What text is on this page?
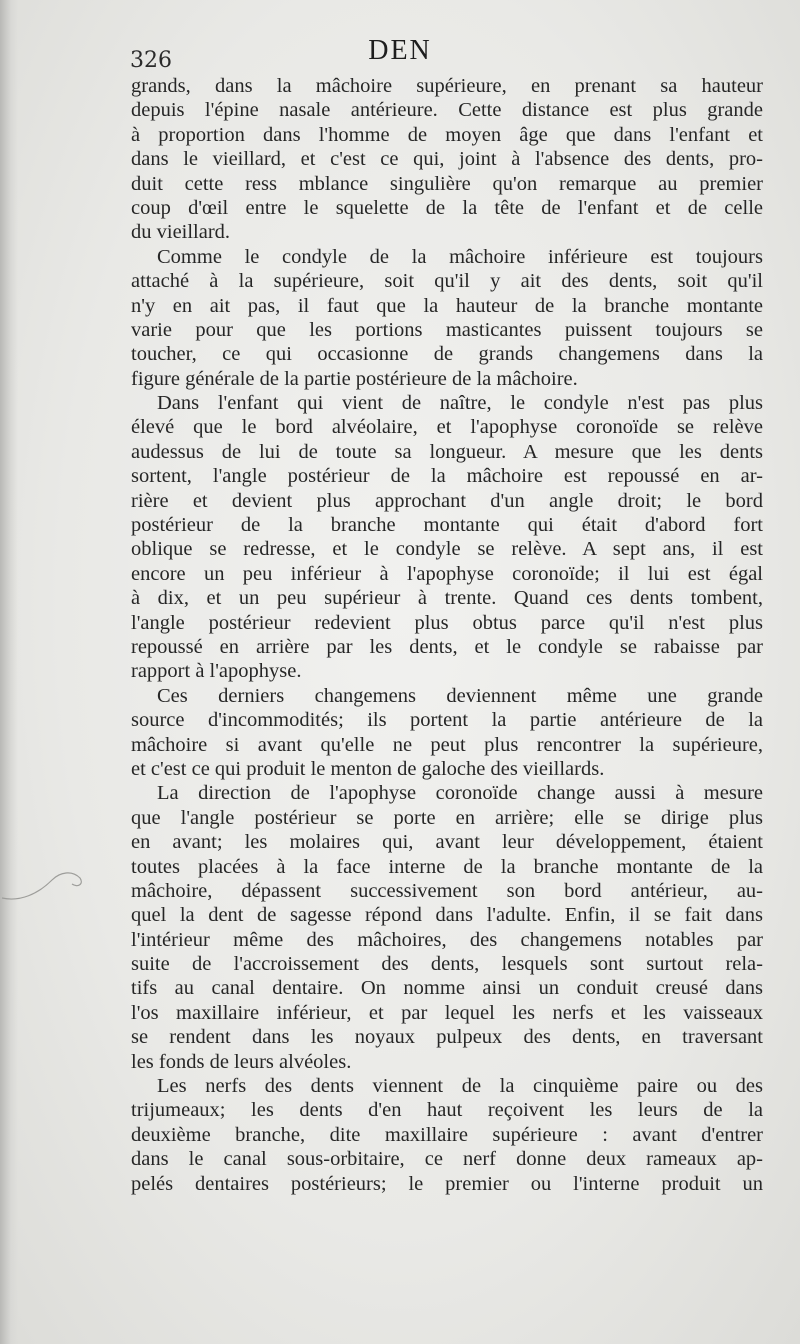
326	DEN
grands, dans la mâchoire supérieure, en prenant sa hauteur
depuis l'épine nasale antérieure. Cette distance est plus grande
à proportion dans l'homme de moyen âge que dans l'enfant et
dans le vieillard, et c'est ce qui, joint à l'absence des dents, pro-
duit cette ress mblance singulière qu'on remarque au premier
coup d'œil entre le squelette de la tête de l'enfant et de celle
du vieillard.
Comme le condyle de la mâchoire inférieure est toujours
attaché à la supérieure, soit qu'il y ait des dents, soit qu'il
n'y en ait pas, il faut que la hauteur de la branche montante
varie pour que les portions masticantes puissent toujours se
toucher, ce qui occasionne de grands changemens dans la
figure générale de la partie postérieure de la mâchoire.
Dans l'enfant qui vient de naître, le condyle n'est pas plus
élevé que le bord alvéolaire, et l'apophyse coronoïde se relève
audessus de lui de toute sa longueur. A mesure que les dents
sortent, l'angle postérieur de la mâchoire est repoussé en ar-
rière et devient plus approchant d'un angle droit; le bord
postérieur de la branche montante qui était d'abord fort
oblique se redresse, et le condyle se relève. A sept ans, il est
encore un peu inférieur à l'apophyse coronoïde; il lui est égal
à dix, et un peu supérieur à trente. Quand ces dents tombent,
l'angle postérieur redevient plus obtus parce qu'il n'est plus
repoussé en arrière par les dents, et le condyle se rabaisse par
rapport à l'apophyse.
Ces derniers changemens deviennent même une grande
source d'incommodités; ils portent la partie antérieure de la
mâchoire si avant qu'elle ne peut plus rencontrer la supérieure,
et c'est ce qui produit le menton de galoche des vieillards.
La direction de l'apophyse coronoïde change aussi à mesure
que l'angle postérieur se porte en arrière; elle se dirige plus
en avant; les molaires qui, avant leur développement, étaient
toutes placées à la face interne de la branche montante de la
mâchoire, dépassent successivement son bord antérieur, au-
quel la dent de sagesse répond dans l'adulte. Enfin, il se fait dans
l'intérieur même des mâchoires, des changemens notables par
suite de l'accroissement des dents, lesquels sont surtout rela-
tifs au canal dentaire. On nomme ainsi un conduit creusé dans
l'os maxillaire inférieur, et par lequel les nerfs et les vaisseaux
se rendent dans les noyaux pulpeux des dents, en traversant
les fonds de leurs alvéoles.
Les nerfs des dents viennent de la cinquième paire ou des
trijumeaux; les dents d'en haut reçoivent les leurs de la
deuxième branche, dite maxillaire supérieure : avant d'entrer
dans le canal sous-orbitaire, ce nerf donne deux rameaux ap-
pelés dentaires postérieurs; le premier ou l'interne produit un
